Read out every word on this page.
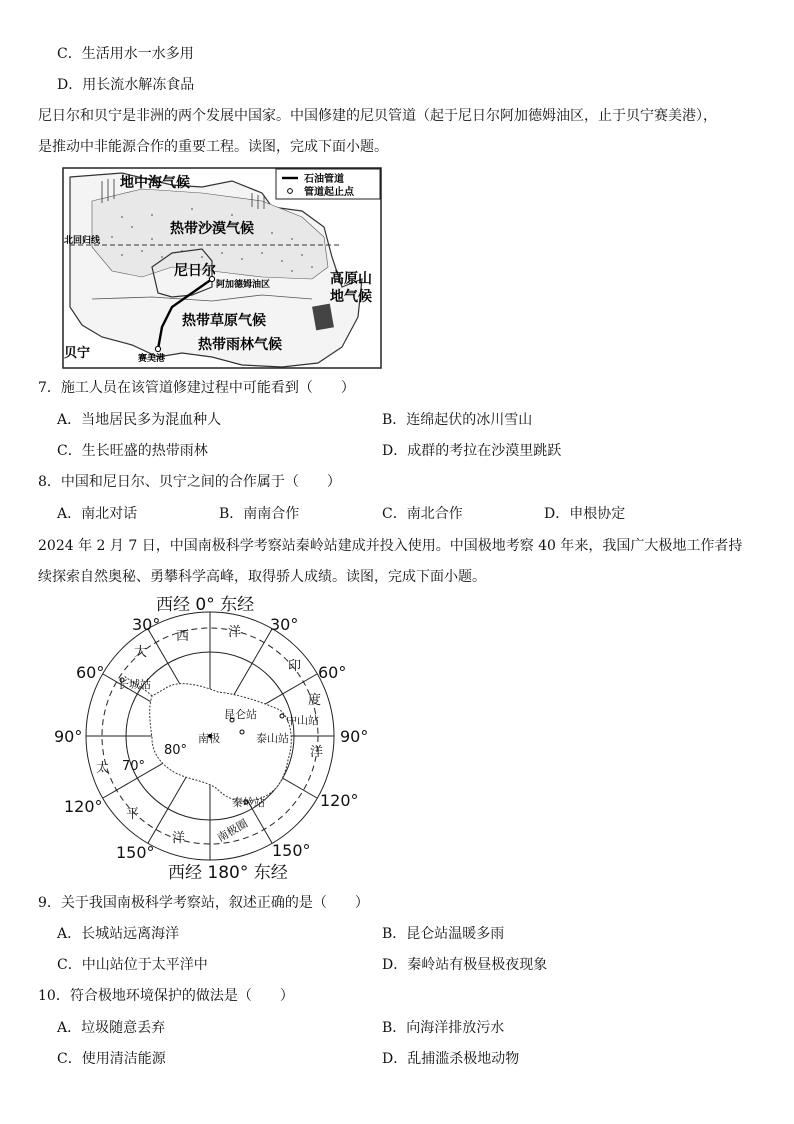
C．生活用水一水多用
D．用长流水解冻食品
尼日尔和贝宁是非洲的两个发展中国家。中国修建的尼贝管道（起于尼日尔阿加德姆油区，止于贝宁赛美港），
是推动中非能源合作的重要工程。读图，完成下面小题。
石油管道
管道起止点
地中海气候
热带沙漠气候
北回归线
尼日尔
阿加德姆油区	高原山
地气候
热带草原气候
热带雨林气候
贝宁	赛美港
7．施工人员在该管道修建过程中可能看到（　　）
A．当地居民多为混血种人	B．连绵起伏的冰川雪山
C．生长旺盛的热带雨林	D．成群的考拉在沙漠里跳跃
8．中国和尼日尔、贝宁之间的合作属于（　　）
A．南北对话	B．南南合作	C．南北合作	D．申根协定
2024 年 2 月 7 日，中国南极科学考察站秦岭站建成并投入使用。中国极地考察 40 年来，我国广大极地工作者持
续探索自然奥秘、勇攀科学高峰，取得骄人成绩。读图，完成下面小题。
西经 0° 东经
西经 180° 东经
30°	30°
60°	60°
90°	90°
120°	120°
150°	150°
70°
80°
西	洋
大
印
度
洋
太
平
洋
长城站
昆仑站	中山站
泰山站
南极
秦岭站
南极圈
9．关于我国南极科学考察站，叙述正确的是（　　）
A．长城站远离海洋	B．昆仑站温暖多雨
C．中山站位于太平洋中	D．秦岭站有极昼极夜现象
10．符合极地环境保护的做法是（　　）
A．垃圾随意丢弃	B．向海洋排放污水
C．使用清洁能源	D．乱捕滥杀极地动物
